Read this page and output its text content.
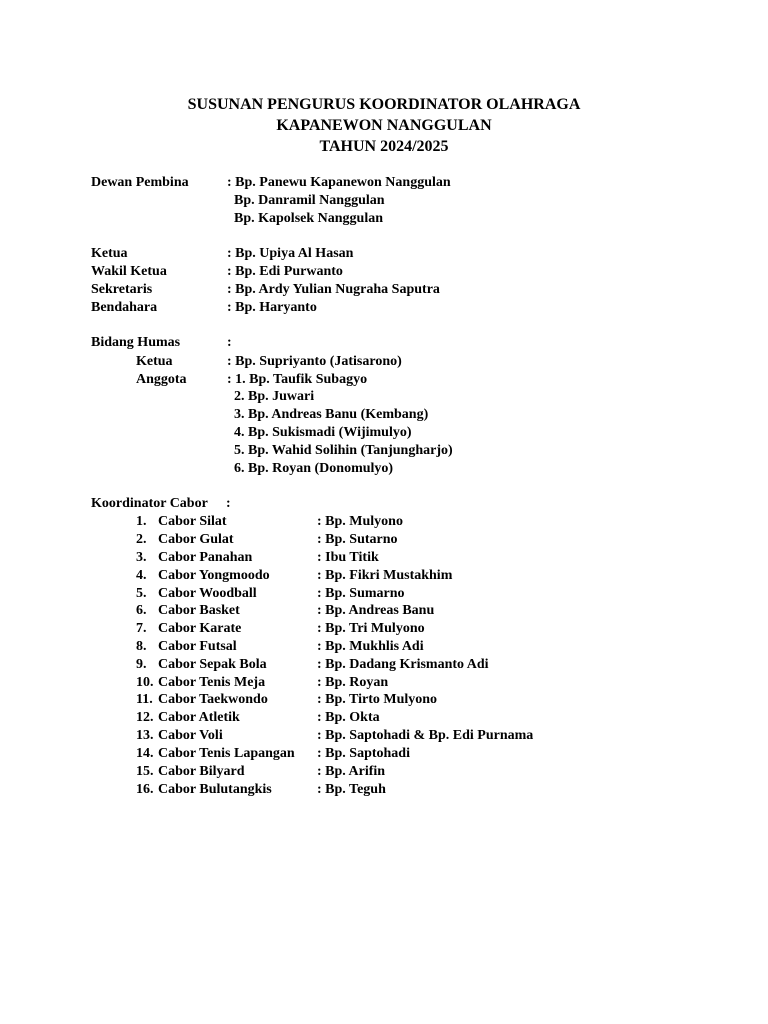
SUSUNAN PENGURUS KOORDINATOR OLAHRAGA
KAPANEWON NANGGULAN
TAHUN 2024/2025
Dewan Pembina	: Bp. Panewu Kapanewon Nanggulan
Bp. Danramil Nanggulan
Bp. Kapolsek Nanggulan
Ketua	: Bp. Upiya Al Hasan
Wakil Ketua	: Bp. Edi Purwanto
Sekretaris	: Bp. Ardy Yulian Nugraha Saputra
Bendahara	: Bp. Haryanto
Bidang Humas	:
Ketua	: Bp. Supriyanto (Jatisarono)
Anggota	: 1. Bp. Taufik Subagyo
2. Bp. Juwari
3. Bp. Andreas Banu (Kembang)
4. Bp. Sukismadi (Wijimulyo)
5. Bp. Wahid Solihin (Tanjungharjo)
6. Bp. Royan (Donomulyo)
Koordinator Cabor :
1. Cabor Silat	: Bp. Mulyono
2. Cabor Gulat	: Bp. Sutarno
3. Cabor Panahan	: Ibu Titik
4. Cabor Yongmoodo	: Bp. Fikri Mustakhim
5. Cabor Woodball	: Bp. Sumarno
6. Cabor Basket	: Bp. Andreas Banu
7. Cabor Karate	: Bp. Tri Mulyono
8. Cabor Futsal	: Bp. Mukhlis Adi
9. Cabor Sepak Bola	: Bp. Dadang Krismanto Adi
10. Cabor Tenis Meja	: Bp. Royan
11. Cabor Taekwondo	: Bp. Tirto Mulyono
12. Cabor Atletik	: Bp. Okta
13. Cabor Voli	: Bp. Saptohadi & Bp. Edi Purnama
14. Cabor Tenis Lapangan : Bp. Saptohadi
15. Cabor Bilyard	: Bp. Arifin
16. Cabor Bulutangkis	: Bp. Teguh
